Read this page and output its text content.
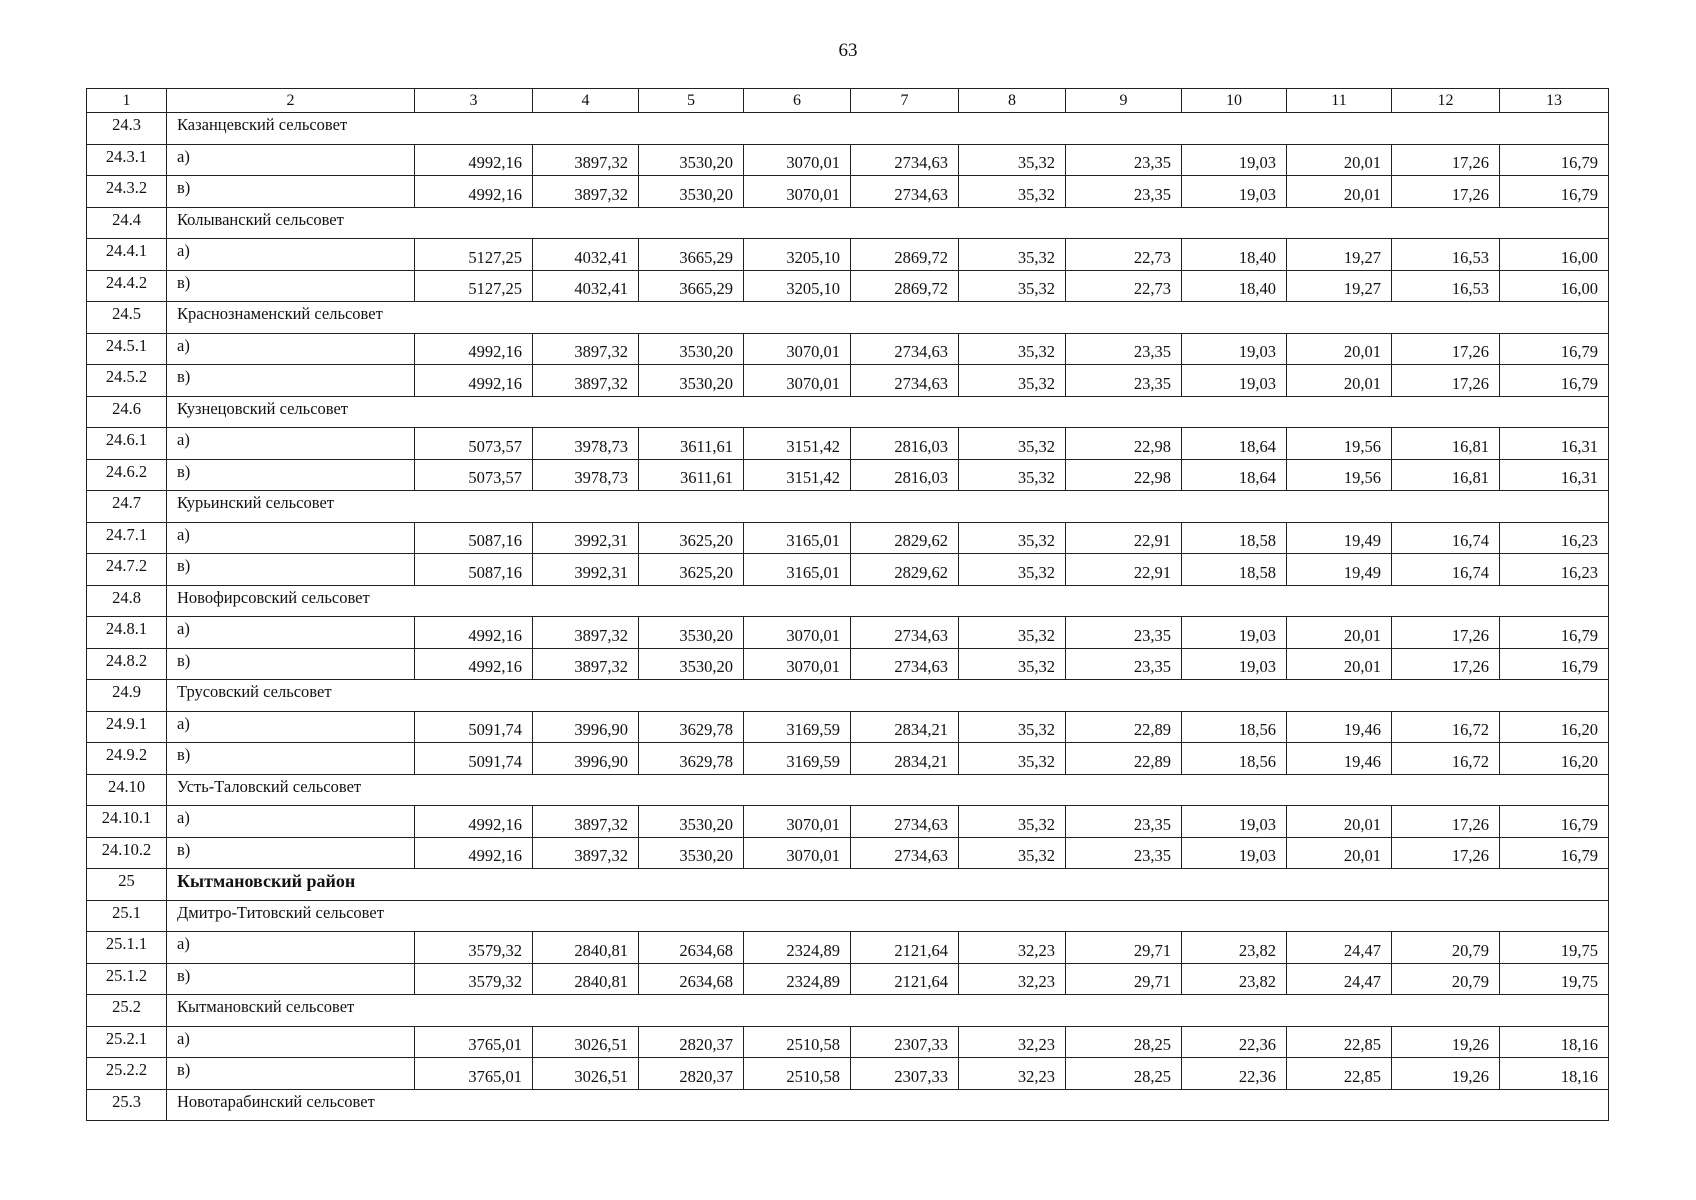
63
1	2	3	4	5	6	7	8	9	10	11	12	13
24.3	Казанцевский сельсовет											
24.3.1	а)	4992,16	3897,32	3530,20	3070,01	2734,63	35,32	23,35	19,03	20,01	17,26	16,79
24.3.2	в)	4992,16	3897,32	3530,20	3070,01	2734,63	35,32	23,35	19,03	20,01	17,26	16,79
24.4	Колыванский сельсовет											
24.4.1	а)	5127,25	4032,41	3665,29	3205,10	2869,72	35,32	22,73	18,40	19,27	16,53	16,00
24.4.2	в)	5127,25	4032,41	3665,29	3205,10	2869,72	35,32	22,73	18,40	19,27	16,53	16,00
24.5	Краснознаменский сельсовет											
24.5.1	а)	4992,16	3897,32	3530,20	3070,01	2734,63	35,32	23,35	19,03	20,01	17,26	16,79
24.5.2	в)	4992,16	3897,32	3530,20	3070,01	2734,63	35,32	23,35	19,03	20,01	17,26	16,79
24.6	Кузнецовский сельсовет											
24.6.1	а)	5073,57	3978,73	3611,61	3151,42	2816,03	35,32	22,98	18,64	19,56	16,81	16,31
24.6.2	в)	5073,57	3978,73	3611,61	3151,42	2816,03	35,32	22,98	18,64	19,56	16,81	16,31
24.7	Курьинский сельсовет											
24.7.1	а)	5087,16	3992,31	3625,20	3165,01	2829,62	35,32	22,91	18,58	19,49	16,74	16,23
24.7.2	в)	5087,16	3992,31	3625,20	3165,01	2829,62	35,32	22,91	18,58	19,49	16,74	16,23
24.8	Новофирсовский сельсовет											
24.8.1	а)	4992,16	3897,32	3530,20	3070,01	2734,63	35,32	23,35	19,03	20,01	17,26	16,79
24.8.2	в)	4992,16	3897,32	3530,20	3070,01	2734,63	35,32	23,35	19,03	20,01	17,26	16,79
24.9	Трусовский сельсовет											
24.9.1	а)	5091,74	3996,90	3629,78	3169,59	2834,21	35,32	22,89	18,56	19,46	16,72	16,20
24.9.2	в)	5091,74	3996,90	3629,78	3169,59	2834,21	35,32	22,89	18,56	19,46	16,72	16,20
24.10	Усть-Таловский сельсовет											
24.10.1	а)	4992,16	3897,32	3530,20	3070,01	2734,63	35,32	23,35	19,03	20,01	17,26	16,79
24.10.2	в)	4992,16	3897,32	3530,20	3070,01	2734,63	35,32	23,35	19,03	20,01	17,26	16,79
25	Кытмановский район											
25.1	Дмитро-Титовский сельсовет											
25.1.1	а)	3579,32	2840,81	2634,68	2324,89	2121,64	32,23	29,71	23,82	24,47	20,79	19,75
25.1.2	в)	3579,32	2840,81	2634,68	2324,89	2121,64	32,23	29,71	23,82	24,47	20,79	19,75
25.2	Кытмановский сельсовет											
25.2.1	а)	3765,01	3026,51	2820,37	2510,58	2307,33	32,23	28,25	22,36	22,85	19,26	18,16
25.2.2	в)	3765,01	3026,51	2820,37	2510,58	2307,33	32,23	28,25	22,36	22,85	19,26	18,16
25.3	Новотарабинский сельсовет											
